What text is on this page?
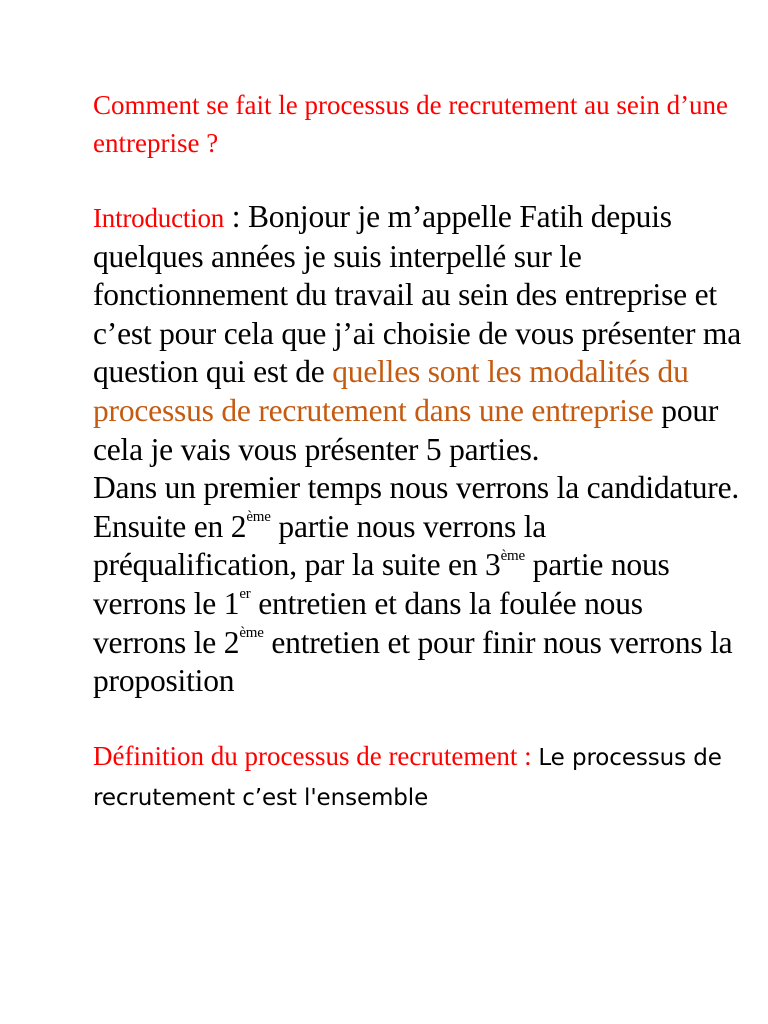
Comment se fait le processus de recrutement au sein d’une entreprise ?

Introduction : Bonjour je m’appelle Fatih depuis quelques années je suis interpellé sur le fonctionnement du travail au sein des entreprise et c’est pour cela que j’ai choisie de vous présenter ma question qui est de quelles sont les modalités du processus de recrutement dans une entreprise pour cela je vais vous présenter 5 parties.
Dans un premier temps nous verrons la candidature. Ensuite en 2ème partie nous verrons la préqualification, par la suite en 3ème partie nous verrons le 1er entretien et dans la foulée nous verrons le 2ème entretien et pour finir nous verrons la proposition
Définition du processus de recrutement : Le processus de recrutement c’est l'ensemble
